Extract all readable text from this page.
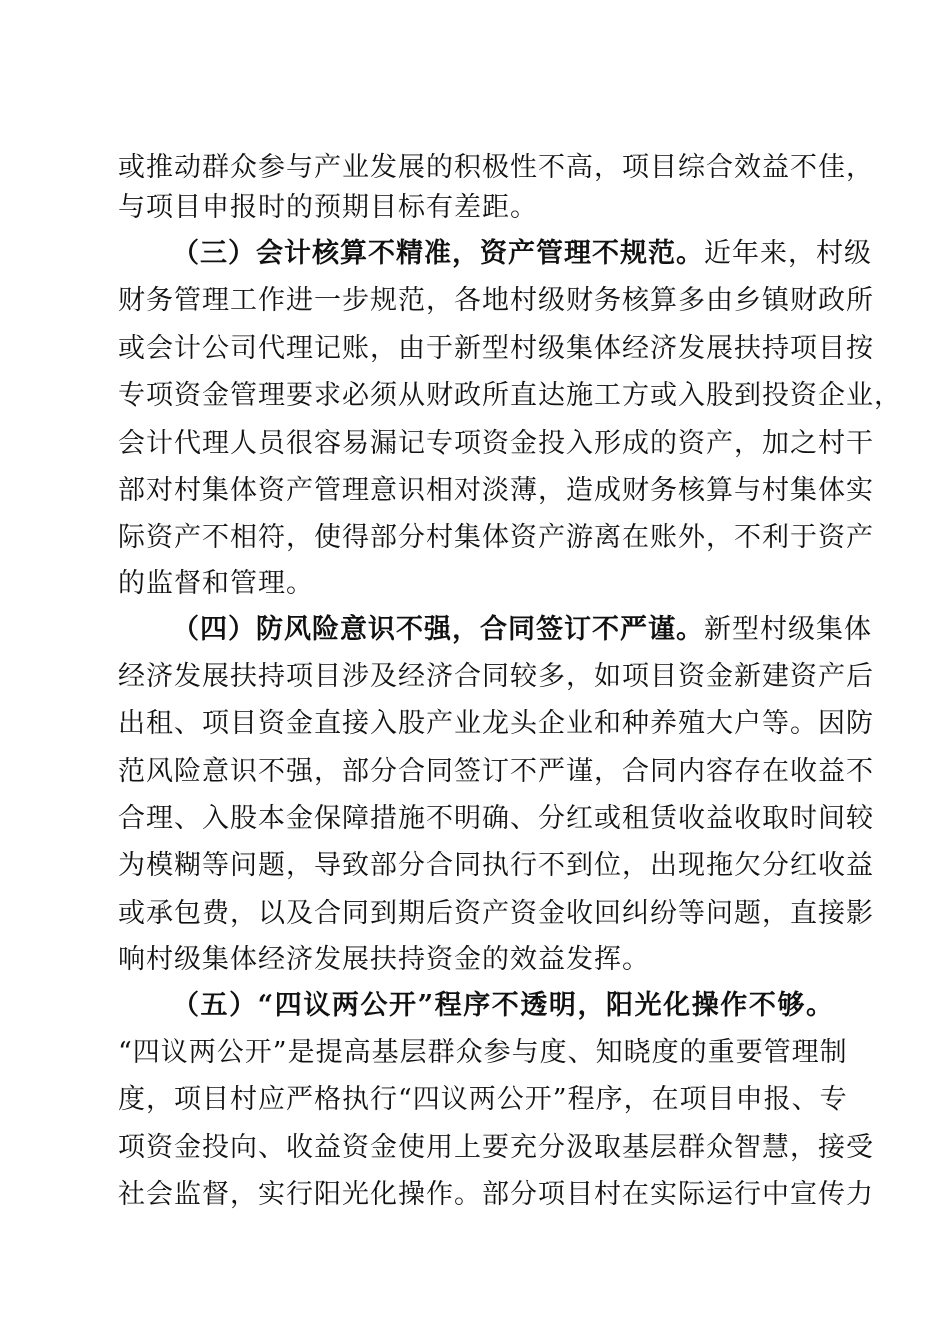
或推动群众参与产业发展的积极性不高，项目综合效益不佳，
与项目申报时的预期目标有差距。
（三）会计核算不精准，资产管理不规范。近年来，村级
财务管理工作进一步规范，各地村级财务核算多由乡镇财政所
或会计公司代理记账，由于新型村级集体经济发展扶持项目按
专项资金管理要求必须从财政所直达施工方或入股到投资企业，
会计代理人员很容易漏记专项资金投入形成的资产，加之村干
部对村集体资产管理意识相对淡薄，造成财务核算与村集体实
际资产不相符，使得部分村集体资产游离在账外，不利于资产
的监督和管理。
（四）防风险意识不强，合同签订不严谨。新型村级集体
经济发展扶持项目涉及经济合同较多，如项目资金新建资产后
出租、项目资金直接入股产业龙头企业和种养殖大户等。因防
范风险意识不强，部分合同签订不严谨，合同内容存在收益不
合理、入股本金保障措施不明确、分红或租赁收益收取时间较
为模糊等问题，导致部分合同执行不到位，出现拖欠分红收益
或承包费，以及合同到期后资产资金收回纠纷等问题，直接影
响村级集体经济发展扶持资金的效益发挥。
（五）“四议两公开”程序不透明，阳光化操作不够。
“四议两公开”是提高基层群众参与度、知晓度的重要管理制
度，项目村应严格执行“四议两公开”程序，在项目申报、专
项资金投向、收益资金使用上要充分汲取基层群众智慧，接受
社会监督，实行阳光化操作。部分项目村在实际运行中宣传力
